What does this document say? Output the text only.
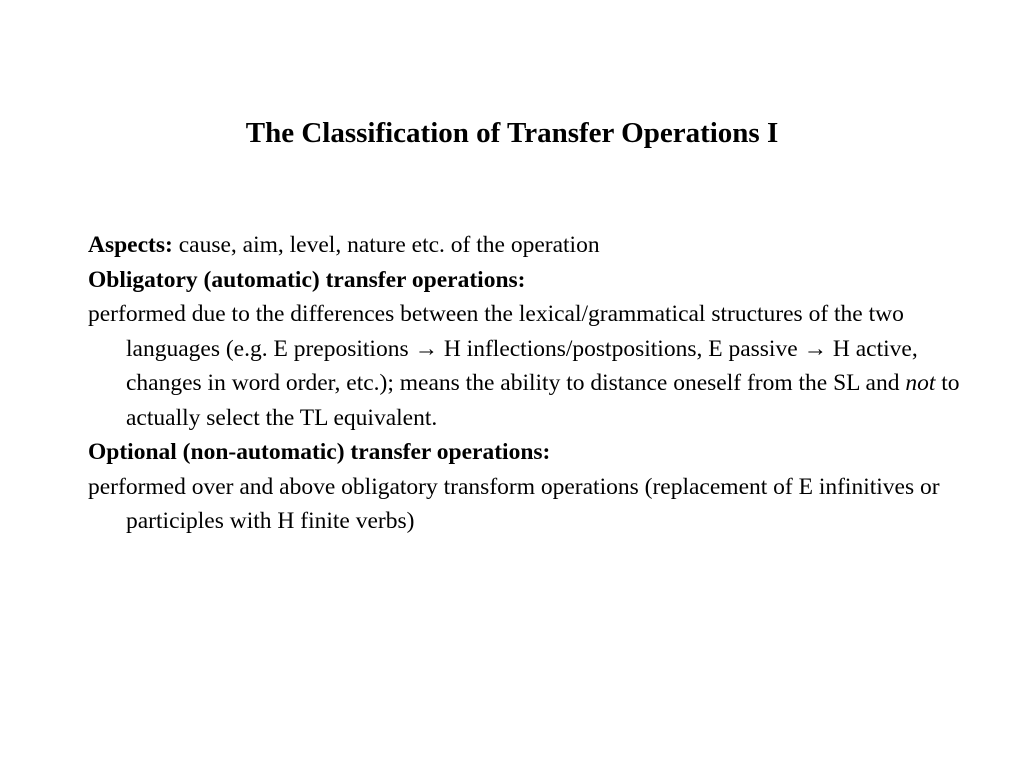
The Classification of Transfer Operations I

Aspects: cause, aim, level, nature etc. of the operation

Obligatory (automatic) transfer operations:

performed due to the differences between the lexical/grammatical structures of the two languages (e.g. E prepositions → H inflections/postpositions, E passive → H active, changes in word order, etc.); means the ability to distance oneself from the SL and not to actually select the TL equivalent.

Optional (non-automatic) transfer operations:

performed over and above obligatory transform operations (replacement of E infinitives or participles with H finite verbs)
